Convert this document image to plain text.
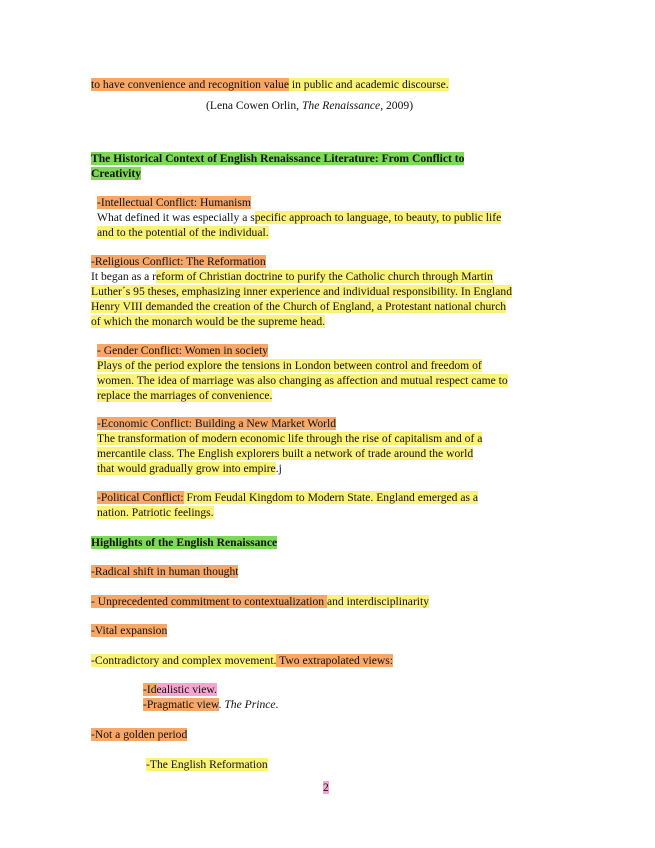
to have convenience and recognition value in public and academic discourse.
(Lena Cowen Orlin, The Renaissance, 2009)
The Historical Context of English Renaissance Literature: From Conflict to
Creativity
-Intellectual Conflict: Humanism
What defined it was especially a specific approach to language, to beauty, to public life
and to the potential of the individual.
-Religious Conflict: The Reformation
It began as a reform of Christian doctrine to purify the Catholic church through Martin
Luther´s 95 theses, emphasizing inner experience and individual responsibility. In England
Henry VIII demanded the creation of the Church of England, a Protestant national church
of which the monarch would be the supreme head.
- Gender Conflict: Women in society
Plays of the period explore the tensions in London between control and freedom of
women. The idea of marriage was also changing as affection and mutual respect came to
replace the marriages of convenience.
-Economic Conflict: Building a New Market World
The transformation of modern economic life through the rise of capitalism and of a
mercantile class. The English explorers built a network of trade around the world
that would gradually grow into empire.j
-Political Conflict: From Feudal Kingdom to Modern State. England emerged as a
nation. Patriotic feelings.
Highlights of the English Renaissance
-Radical shift in human thought
- Unprecedented commitment to contextualization and interdisciplinarity
-Vital expansion
-Contradictory and complex movement. Two extrapolated views:
-Idealistic view.
-Pragmatic view. The Prince.
-Not a golden period
-The English Reformation
2
